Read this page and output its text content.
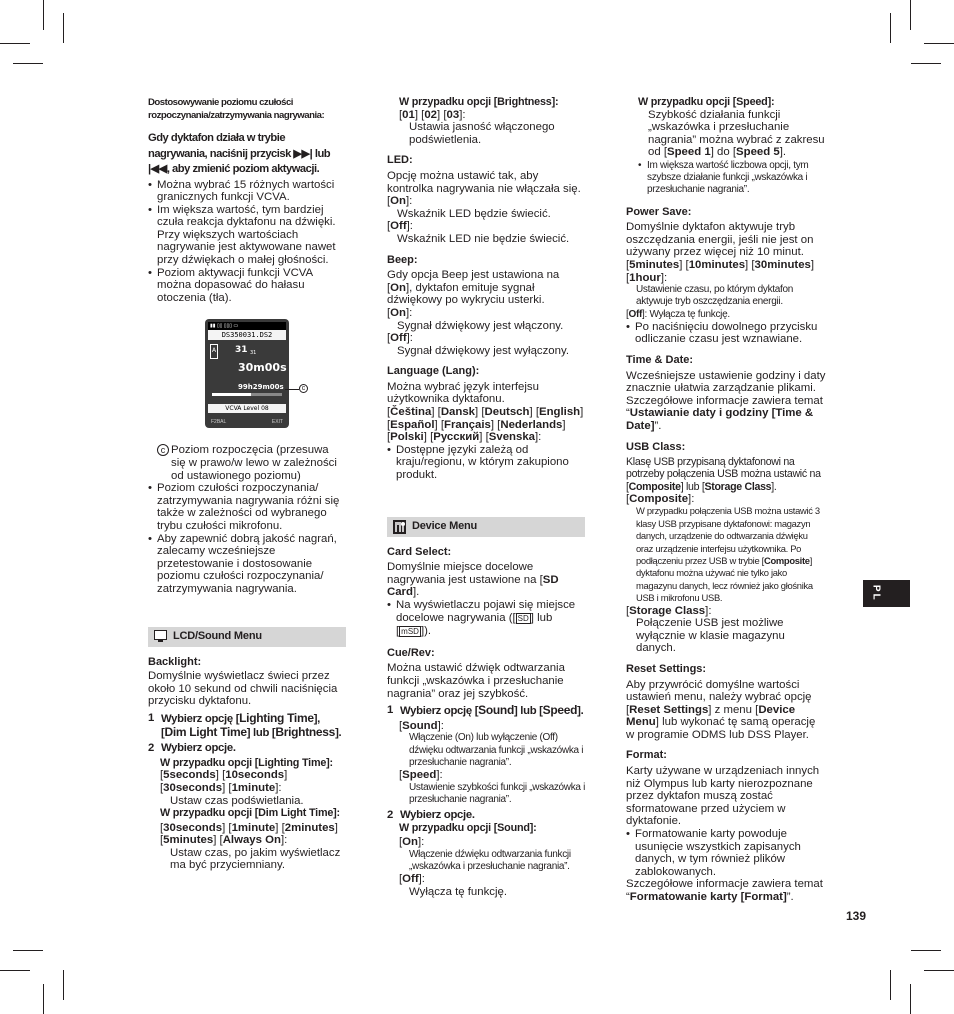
PL
139

Dostosowywanie poziomu czułości
rozpoczynania/zatrzymywania nagrywania:

Gdy dyktafon działa w trybie
nagrywania, naciśnij przycisk ▶▶| lub
|◀◀, aby zmienić poziom aktywacji.

• Można wybrać 15 różnych wartości granicznych funkcji VCVA.
• Im większa wartość, tym bardziej czuła reakcja dyktafonu na dźwięki. Przy większych wartościach nagrywanie jest aktywowane nawet przy dźwiękach o małej głośności.
• Poziom aktywacji funkcji VCVA można dopasować do hałasu otoczenia (tła).
▮▮ ▯▯ ▯▯▯ ▭
DS350031.DS2
A 31 31
30m00s
99h29m00s
VCVA Level 08
F2BAL	EXIT
c

c Poziom rozpoczęcia (przesuwa się w prawo/w lewo w zależności od ustawionego poziomu)

• Poziom czułości rozpoczynania/ zatrzymywania nagrywania różni się także w zależności od wybranego trybu czułości mikrofonu.
• Aby zapewnić dobrą jakość nagrań, zalecamy wcześniejsze przetestowanie i dostosowanie poziomu czułości rozpoczynania/ zatrzymywania nagrywania.
LCD/Sound Menu

Backlight:

Domyślnie wyświetlacz świeci przez około 10 sekund od chwili naciśnięcia przycisku dyktafonu.

1 Wybierz opcję [Lighting Time], [Dim Light Time] lub [Brightness].
2 Wybierz opcje.

W przypadku opcji [Lighting Time]:

[5seconds] [10seconds] [30seconds] [1minute]:

Ustaw czas podświetlania.

W przypadku opcji [Dim Light Time]:

[30seconds] [1minute] [2minutes] [5minutes] [Always On]:

Ustaw czas, po jakim wyświetlacz ma być przyciemniany.

W przypadku opcji [Brightness]:

[01] [02] [03]:

Ustawia jasność włączonego podświetlenia.

LED:

Opcję można ustawić tak, aby kontrolka nagrywania nie włączała się.

[On]:

Wskaźnik LED będzie świecić.

[Off]:

Wskaźnik LED nie będzie świecić.

Beep:

Gdy opcja Beep jest ustawiona na [On], dyktafon emituje sygnał dźwiękowy po wykryciu usterki.

[On]:

Sygnał dźwiękowy jest włączony.

[Off]:

Sygnał dźwiękowy jest wyłączony.

Language (Lang):

Można wybrać język interfejsu użytkownika dyktafonu.

[Čeština] [Dansk] [Deutsch] [English] [Español] [Français] [Nederlands] [Polski] [Русский] [Svenska]:

• Dostępne języki zależą od kraju/regionu, w którym zakupiono produkt.
Device Menu

Card Select:

Domyślnie miejsce docelowe nagrywania jest ustawione na [SD Card].

• Na wyświetlaczu pojawi się miejsce docelowe nagrywania ([ SD ] lub [ mSD ]).

Cue/Rev:

Można ustawić dźwięk odtwarzania funkcji „wskazówka i przesłuchanie nagrania” oraz jej szybkość.

1 Wybierz opcję [Sound] lub [Speed].

[Sound]:

Włączenie (On) lub wyłączenie (Off) dźwięku odtwarzania funkcji „wskazówka i przesłuchanie nagrania”.

[Speed]:

Ustawienie szybkości funkcji „wskazówka i przesłuchanie nagrania”.

2 Wybierz opcje.

W przypadku opcji [Sound]:

[On]:

Włączenie dźwięku odtwarzania funkcji „wskazówka i przesłuchanie nagrania”.

[Off]:

Wyłącza tę funkcję.

W przypadku opcji [Speed]:

Szybkość działania funkcji „wskazówka i przesłuchanie nagrania” można wybrać z zakresu od [Speed 1] do [Speed 5].

• Im większa wartość liczbowa opcji, tym szybsze działanie funkcji „wskazówka i przesłuchanie nagrania”.

Power Save:

Domyślnie dyktafon aktywuje tryb oszczędzania energii, jeśli nie jest on używany przez więcej niż 10 minut.

[5minutes] [10minutes] [30minutes] [1hour]:

Ustawienie czasu, po którym dyktafon aktywuje tryb oszczędzania energii.

[Off]: Wyłącza tę funkcję.

• Po naciśnięciu dowolnego przycisku odliczanie czasu jest wznawiane.

Time & Date:

Wcześniejsze ustawienie godziny i daty znacznie ułatwia zarządzanie plikami. Szczegółowe informacje zawiera temat “Ustawianie daty i godziny [Time & Date]”.

USB Class:

Klasę USB przypisaną dyktafonowi na potrzeby połączenia USB można ustawić na [Composite] lub [Storage Class].

[Composite]:

W przypadku połączenia USB można ustawić 3 klasy USB przypisane dyktafonowi: magazyn danych, urządzenie do odtwarzania dźwięku oraz urządzenie interfejsu użytkownika. Po podłączeniu przez USB w trybie [Composite] dyktafonu można używać nie tylko jako magazynu danych, lecz również jako głośnika USB i mikrofonu USB.

[Storage Class]:

Połączenie USB jest możliwe wyłącznie w klasie magazynu danych.

Reset Settings:

Aby przywrócić domyślne wartości ustawień menu, należy wybrać opcję [Reset Settings] z menu [Device Menu] lub wykonać tę samą operację w programie ODMS lub DSS Player.

Format:

Karty używane w urządzeniach innych niż Olympus lub karty nierozpoznane przez dyktafon muszą zostać sformatowane przed użyciem w dyktafonie.

• Formatowanie karty powoduje usunięcie wszystkich zapisanych danych, w tym również plików zablokowanych.

Szczegółowe informacje zawiera temat “Formatowanie karty [Format]”.
